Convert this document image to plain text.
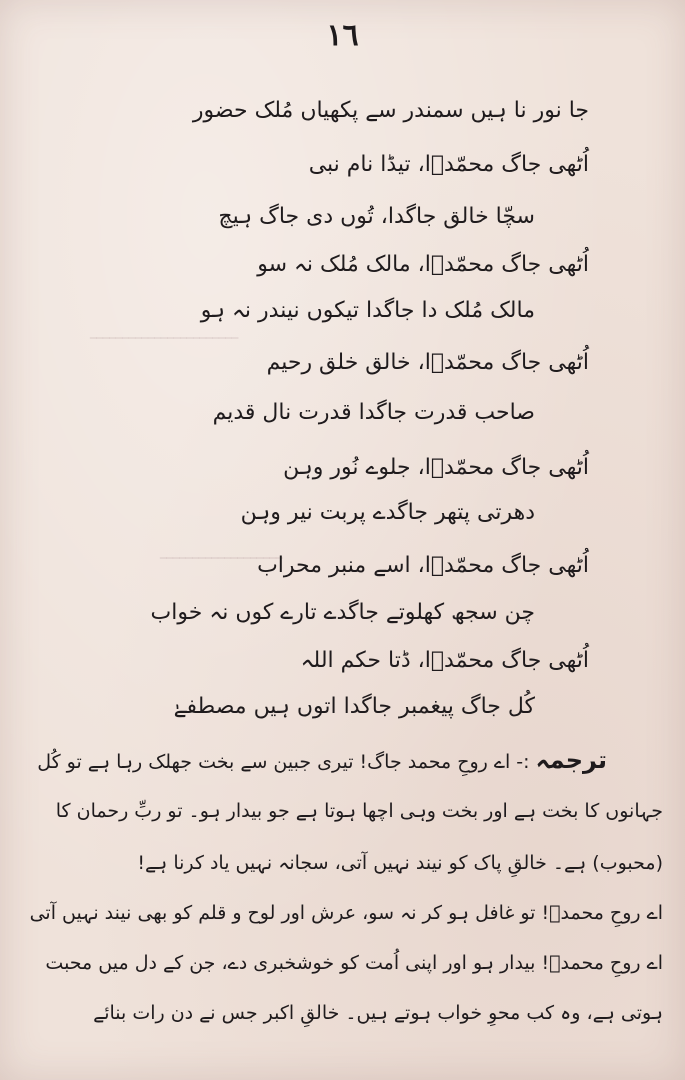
ـــــــــــــــــــــــ
ـــــــــــــــــــ
١٦
جا نور نا ہیں سمندر سے پکھیاں مُلک حضور
اُٹھی جاگ محمّدؐا، تیڈا نام نبی
سچّا خالق جاگدا، تُوں دی جاگ ہیچ
اُٹھی جاگ محمّدؐا، مالک مُلک نہ سو
مالک مُلک دا جاگدا تیکوں نیندر نہ ہو
اُٹھی جاگ محمّدؐا، خالق خلق رحیم
صاحب قدرت جاگدا قدرت نال قدیم
اُٹھی جاگ محمّدؐا، جلوے نُور وہن
دھرتی پتھر جاگدے پربت نیر وہن
اُٹھی جاگ محمّدؐا، اسے منبر محراب
چن سجھ کھلوتے جاگدے تارے کوں نہ خواب
اُٹھی جاگ محمّدؐا، ڈتا حکم اللہ
کُل جاگ پیغمبر جاگدا اتوں ہیں مصطفےٰ
ترجمہ :- اے روحِ محمد جاگ! تیری جبین سے بخت جھلک رہا ہے تو کُل
جہانوں کا بخت ہے اور بخت وہی اچھا ہوتا ہے جو بیدار ہو۔ تو ربِّ رحمان کا
(محبوب) ہے۔ خالقِ پاک کو نیند نہیں آتی، سجانہ نہیں یاد کرنا ہے!
اے روحِ محمدؐ! تو غافل ہو کر نہ سو، عرش اور لوح و قلم کو بھی نیند نہیں آتی
اے روحِ محمدؐ! بیدار ہو اور اپنی اُمت کو خوشخبری دے، جن کے دل میں محبت
ہوتی ہے، وہ کب محوِ خواب ہوتے ہیں۔ خالقِ اکبر جس نے دن رات بنائے
